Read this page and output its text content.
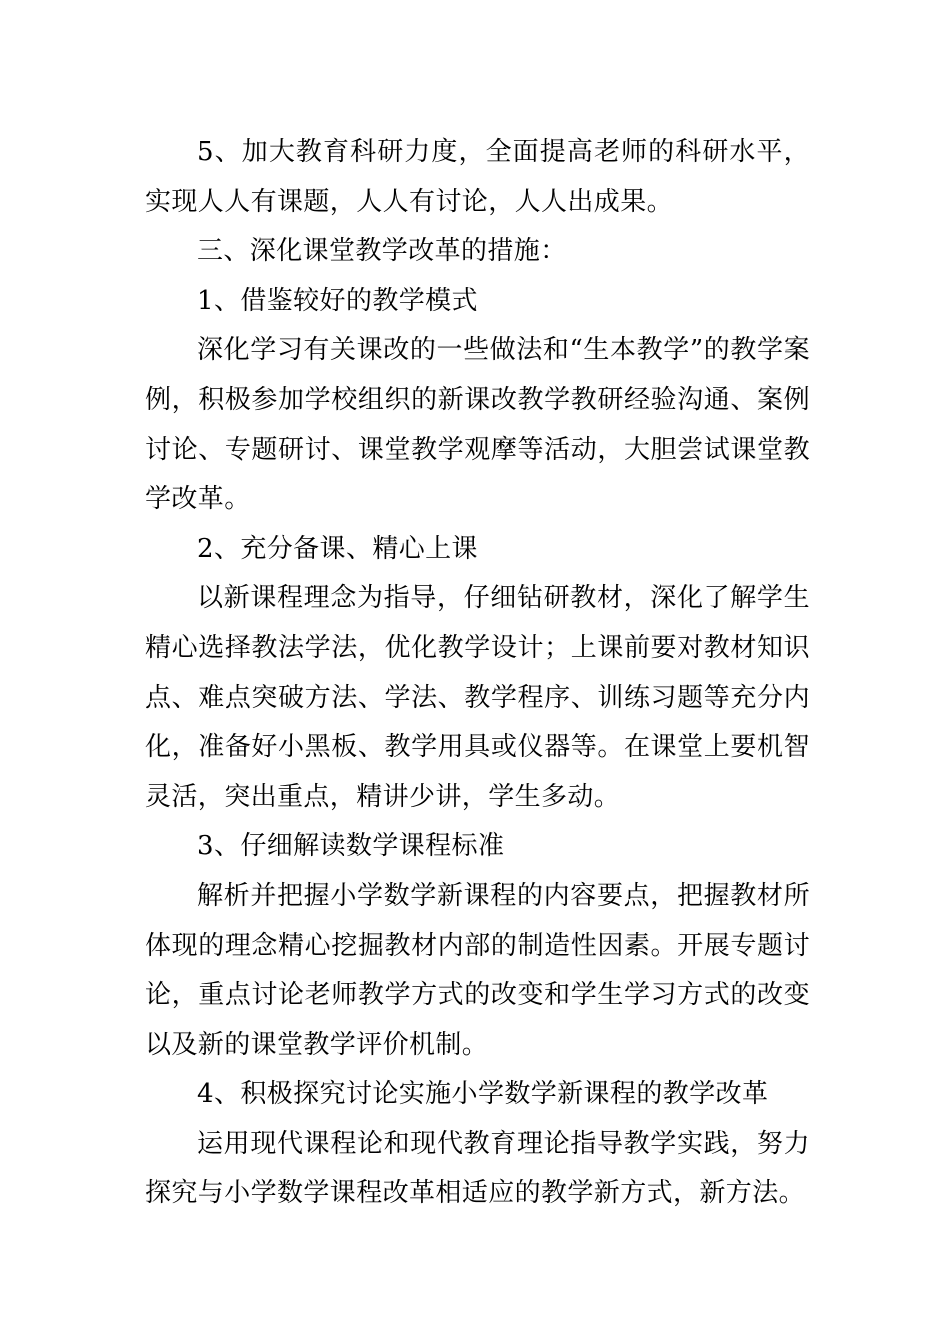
5、加大教育科研力度，全面提高老师的科研水平，实现人人有课题，人人有讨论，人人出成果。

三、深化课堂教学改革的措施：

1、借鉴较好的教学模式

深化学习有关课改的一些做法和“生本教学”的教学案例，积极参加学校组织的新课改教学教研经验沟通、案例讨论、专题研讨、课堂教学观摩等活动，大胆尝试课堂教学改革。

2、充分备课、精心上课

以新课程理念为指导，仔细钻研教材，深化了解学生精心选择教法学法，优化教学设计；上课前要对教材知识点、难点突破方法、学法、教学程序、训练习题等充分内化，准备好小黑板、教学用具或仪器等。在课堂上要机智灵活，突出重点，精讲少讲，学生多动。

3、仔细解读数学课程标准

解析并把握小学数学新课程的内容要点，把握教材所体现的理念精心挖掘教材内部的制造性因素。开展专题讨论，重点讨论老师教学方式的改变和学生学习方式的改变以及新的课堂教学评价机制。

4、积极探究讨论实施小学数学新课程的教学改革

运用现代课程论和现代教育理论指导教学实践，努力探究与小学数学课程改革相适应的教学新方式，新方法。
